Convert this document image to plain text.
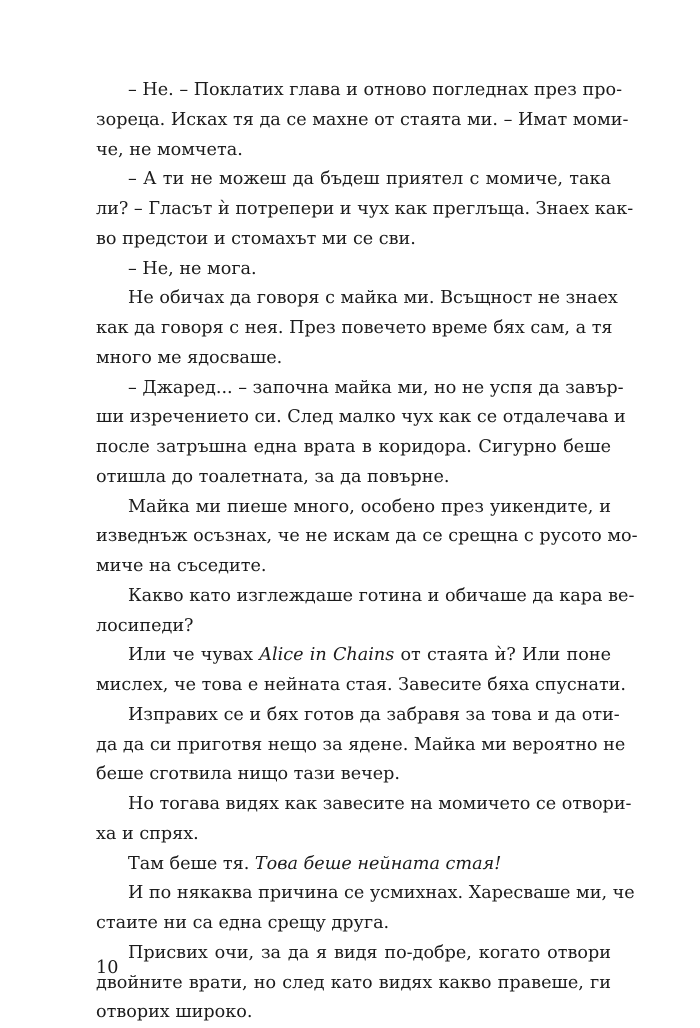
– Не. – Поклатих глава и отново погледнах през про-
зореца. Исках тя да се махне от стаята ми. – Имат моми-
че, не момчета.
– А ти не можеш да бъдеш приятел с момиче, така
ли? – Гласът ѝ потрепери и чух как преглъща. Знаех как-
во предстои и стомахът ми се сви.
– Не, не мога.
Не обичах да говоря с майка ми. Всъщност не знаех
как да говоря с нея. През повечето време бях сам, а тя
много ме ядосваше.
– Джаред... – започна майка ми, но не успя да завър-
ши изречението си. След малко чух как се отдалечава и
после затръшна една врата в коридора. Сигурно беше
отишла до тоалетната, за да повърне.
Майка ми пиеше много, особено през уикендите, и
изведнъж осъзнах, че не искам да се срещна с русото мо-
миче на съседите.
Какво като изглеждаше готина и обичаше да кара ве-
лосипеди?
Или че чувах Alice in Chains от стаята ѝ? Или поне
мислех, че това е нейната стая. Завесите бяха спуснати.
Изправих се и бях готов да забравя за това и да оти-
да да си приготвя нещо за ядене. Майка ми вероятно не
беше сготвила нищо тази вечер.
Но тогава видях как завесите на момичето се отвори-
ха и спрях.
Там беше тя. Това беше нейната стая!
И по някаква причина се усмихнах. Харесваше ми, че
стаите ни са една срещу друга.
Присвих очи, за да я видя по-добре, когато отвори
двойните врати, но след като видях какво правеше, ги
отворих широко.
10
